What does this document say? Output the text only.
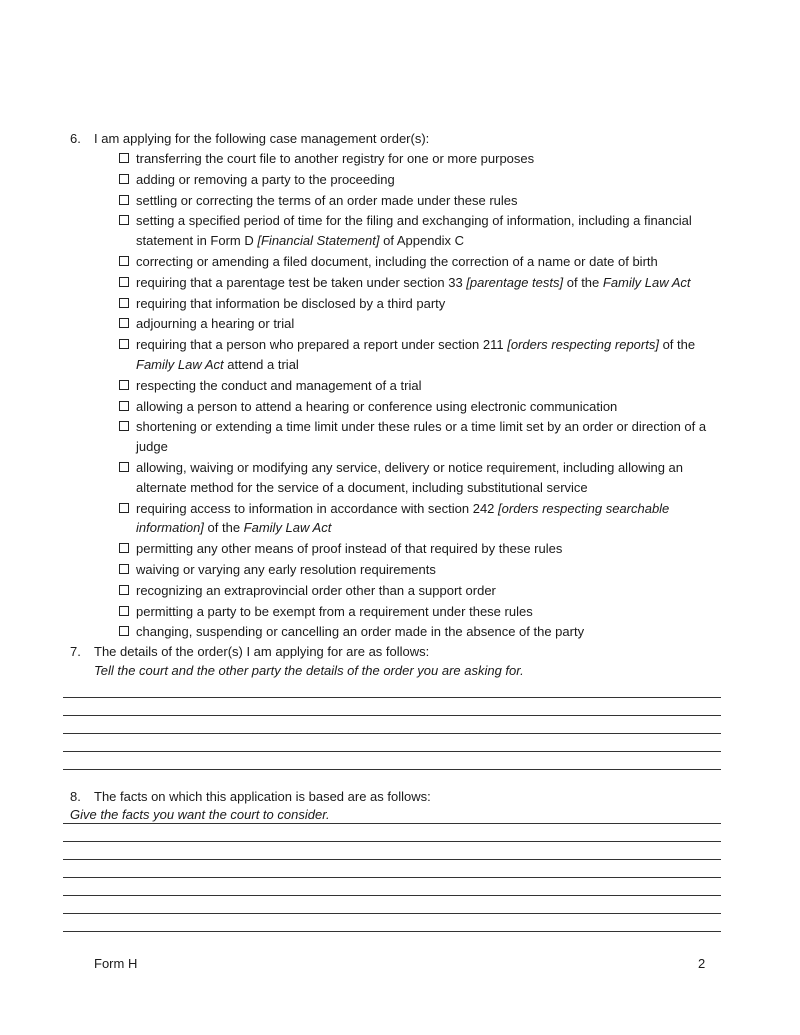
6. I am applying for the following case management order(s):
transferring the court file to another registry for one or more purposes
adding or removing a party to the proceeding
settling or correcting the terms of an order made under these rules
setting a specified period of time for the filing and exchanging of information, including a financial statement in Form D [Financial Statement] of Appendix C
correcting or amending a filed document, including the correction of a name or date of birth
requiring that a parentage test be taken under section 33 [parentage tests] of the Family Law Act
requiring that information be disclosed by a third party
adjourning a hearing or trial
requiring that a person who prepared a report under section 211 [orders respecting reports] of the Family Law Act attend a trial
respecting the conduct and management of a trial
allowing a person to attend a hearing or conference using electronic communication
shortening or extending a time limit under these rules or a time limit set by an order or direction of a judge
allowing, waiving or modifying any service, delivery or notice requirement, including allowing an alternate method for the service of a document, including substitutional service
requiring access to information in accordance with section 242 [orders respecting searchable information] of the Family Law Act
permitting any other means of proof instead of that required by these rules
waiving or varying any early resolution requirements
recognizing an extraprovincial order other than a support order
permitting a party to be exempt from a requirement under these rules
changing, suspending or cancelling an order made in the absence of the party
7. The details of the order(s) I am applying for are as follows:
Tell the court and the other party the details of the order you are asking for.
8. The facts on which this application is based are as follows:
Give the facts you want the court to consider.
Form H	2
